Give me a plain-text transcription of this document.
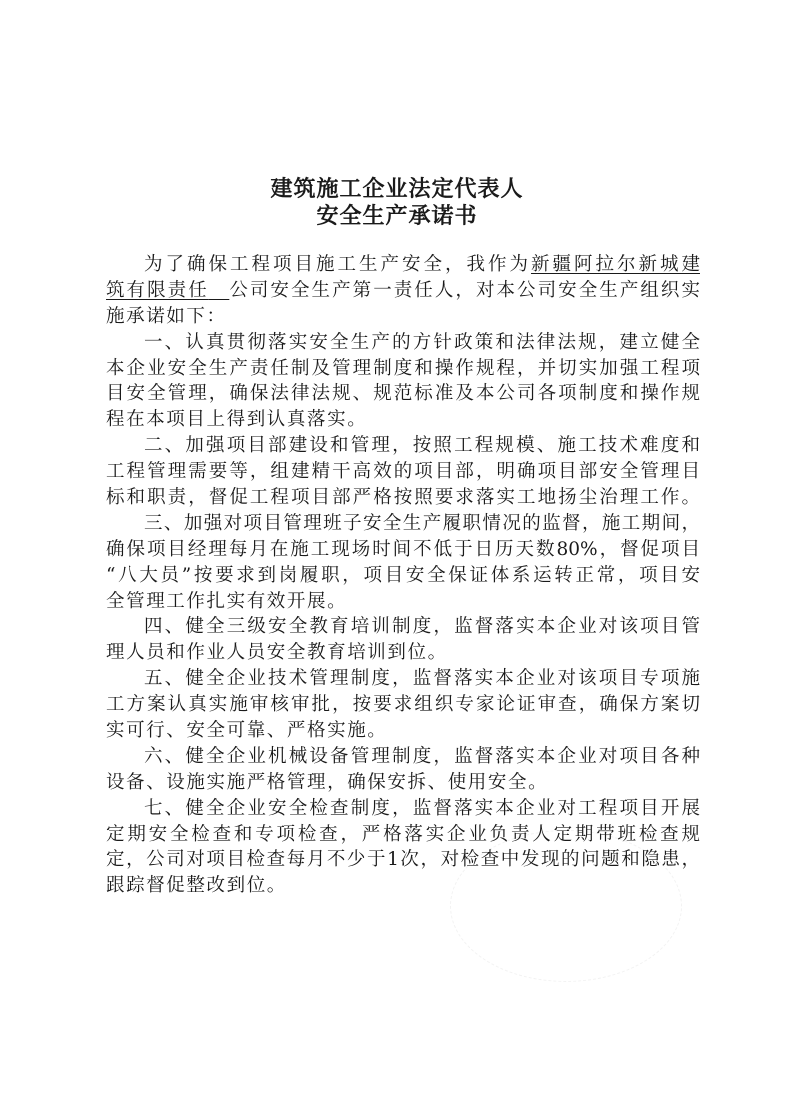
建筑施工企业法定代表人
安全生产承诺书
为了确保工程项目施工生产安全，我作为新疆阿拉尔新城建
筑有限责任　 公司安全生产第一责任人，对本公司安全生产组织实
施承诺如下：
一、认真贯彻落实安全生产的方针政策和法律法规，建立健全
本企业安全生产责任制及管理制度和操作规程，并切实加强工程项
目安全管理，确保法律法规、规范标准及本公司各项制度和操作规
程在本项目上得到认真落实。
二、加强项目部建设和管理，按照工程规模、施工技术难度和
工程管理需要等，组建精干高效的项目部，明确项目部安全管理目
标和职责，督促工程项目部严格按照要求落实工地扬尘治理工作。
三、加强对项目管理班子安全生产履职情况的监督，施工期间，
确保项目经理每月在施工现场时间不低于日历天数80%，督促项目
“八大员”按要求到岗履职，项目安全保证体系运转正常，项目安
全管理工作扎实有效开展。
四、健全三级安全教育培训制度，监督落实本企业对该项目管
理人员和作业人员安全教育培训到位。
五、健全企业技术管理制度，监督落实本企业对该项目专项施
工方案认真实施审核审批，按要求组织专家论证审查，确保方案切
实可行、安全可靠、严格实施。
六、健全企业机械设备管理制度，监督落实本企业对项目各种
设备、设施实施严格管理，确保安拆、使用安全。
七、健全企业安全检查制度，监督落实本企业对工程项目开展
定期安全检查和专项检查，严格落实企业负责人定期带班检查规
定，公司对项目检查每月不少于1次，对检查中发现的问题和隐患，
跟踪督促整改到位。
